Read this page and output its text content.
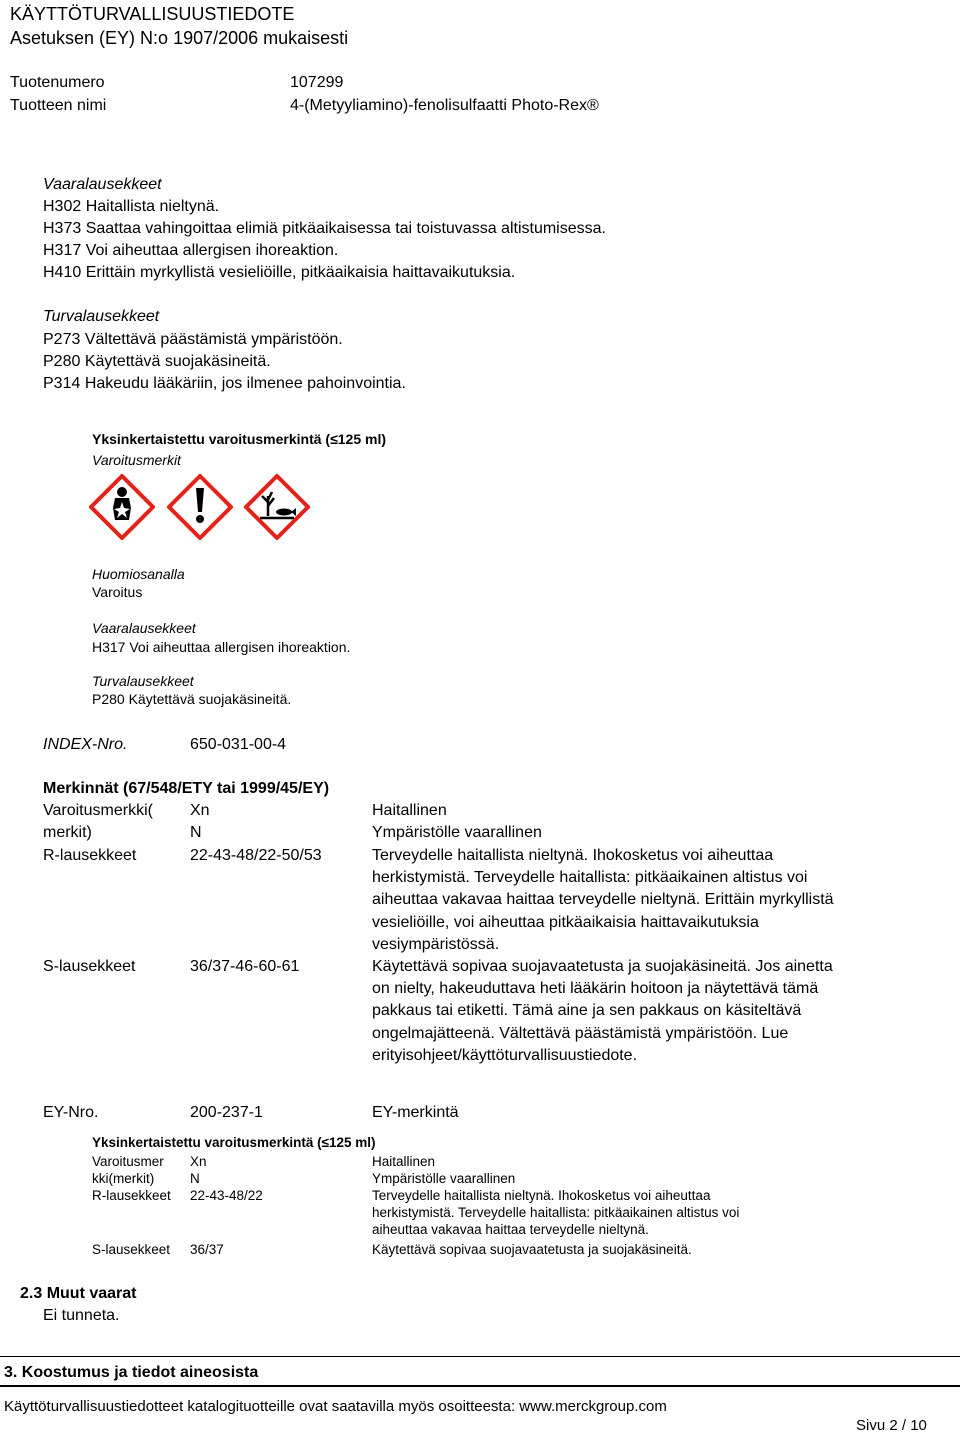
KÄYTTÖTURVALLISUUSTIEDOTE
Asetuksen (EY) N:o 1907/2006 mukaisesti
Tuotenumero	107299
Tuotteen nimi	4-(Metyyliamino)-fenolisulfaatti Photo-Rex®
Vaaralausekkeet
H302 Haitallista nieltynä.
H373 Saattaa vahingoittaa elimiä pitkäaikaisessa tai toistuvassa altistumisessa.
H317 Voi aiheuttaa allergisen ihoreaktion.
H410 Erittäin myrkyllistä vesieliöille, pitkäaikaisia haittavaikutuksia.
Turvalausekkeet
P273 Vältettävä päästämistä ympäristöön.
P280 Käytettävä suojakäsineitä.
P314 Hakeudu lääkäriin, jos ilmenee pahoinvointia.
Yksinkertaistettu varoitusmerkintä (≤125 ml)
Varoitusmerkit
Huomiosanalla
Varoitus
Vaaralausekkeet
H317 Voi aiheuttaa allergisen ihoreaktion.
Turvalausekkeet
P280 Käytettävä suojakäsineitä.
INDEX-Nro.	650-031-00-4
Merkinnät (67/548/ETY tai 1999/45/EY)
Varoitusmerkki(
merkit)
Xn	Haitallinen
N	Ympäristölle vaarallinen
R-lausekkeet	22-43-48/22-50/53	Terveydelle haitallista nieltynä. Ihokosketus voi aiheuttaa herkistymistä. Terveydelle haitallista: pitkäaikainen altistus voi aiheuttaa vakavaa haittaa terveydelle nieltynä. Erittäin myrkyllistä vesieliöille, voi aiheuttaa pitkäaikaisia haittavaikutuksia vesiympäristössä.
S-lausekkeet	36/37-46-60-61	Käytettävä sopivaa suojavaatetusta ja suojakäsineitä. Jos ainetta on nielty, hakeuduttava heti lääkärin hoitoon ja näytettävä tämä pakkaus tai etiketti. Tämä aine ja sen pakkaus on käsiteltävä ongelmajätteenä. Vältettävä päästämistä ympäristöön. Lue erityisohjeet/käyttöturvallisuustiedote.
EY-Nro.	200-237-1	EY-merkintä
Yksinkertaistettu varoitusmerkintä (≤125 ml)
Varoitusmer
kki(merkit)
Xn	Haitallinen
N	Ympäristölle vaarallinen
R-lausekkeet 22-43-48/22	Terveydelle haitallista nieltynä. Ihokosketus voi aiheuttaa herkistymistä. Terveydelle haitallista: pitkäaikainen altistus voi aiheuttaa vakavaa haittaa terveydelle nieltynä.
S-lausekkeet 36/37	Käytettävä sopivaa suojavaatetusta ja suojakäsineitä.
2.3 Muut vaarat
Ei tunneta.
3. Koostumus ja tiedot aineosista
Käyttöturvallisuustiedotteet katalogituotteille ovat saatavilla myös osoitteesta: www.merckgroup.com
Sivu 2 / 10
